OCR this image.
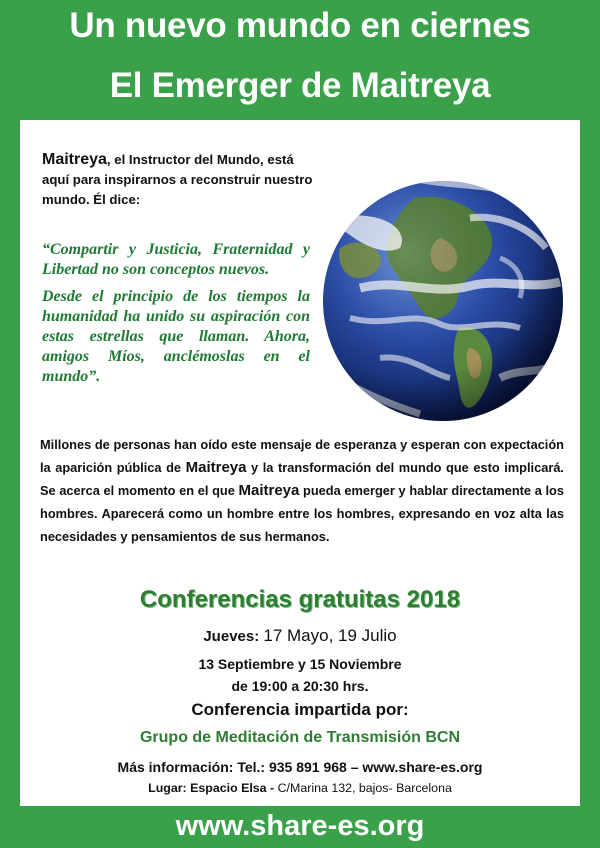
Un nuevo mundo en ciernes
El Emerger de Maitreya
Maitreya, el Instructor del Mundo, está aquí para inspirarnos a reconstruir nuestro mundo. Él dice:

“Compartir y Justicia, Fraternidad y Libertad no son conceptos nuevos.

Desde el principio de los tiempos la humanidad ha unido su aspiración con estas estrellas que llaman. Ahora, amigos Míos, anclémoslas en el mundo”.

Millones de personas han oído este mensaje de esperanza y esperan con expectación la aparición pública de Maitreya y la transformación del mundo que esto implicará. Se acerca el momento en el que Maitreya pueda emerger y hablar directamente a los hombres. Aparecerá como un hombre entre los hombres, expresando en voz alta las necesidades y pensamientos de sus hermanos.
Conferencias gratuitas 2018
Jueves: 17 Mayo, 19 Julio
13 Septiembre y 15 Noviembre
de 19:00 a 20:30 hrs.
Conferencia impartida por:
Grupo de Meditación de Transmisión BCN
Más información: Tel.: 935 891 968 – www.share-es.org
Lugar: Espacio Elsa - C/Marina 132, bajos- Barcelona
www.share-es.org
